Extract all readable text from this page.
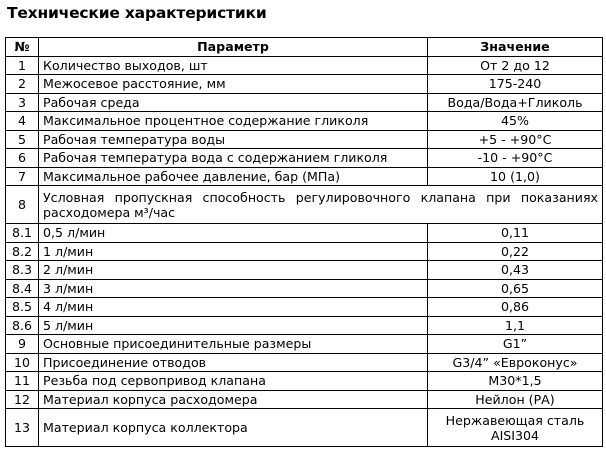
Технические характеристики
№	Параметр	Значение
1	Количество выходов, шт	От 2 до 12
2	Межосевое расстояние, мм	175-240
3	Рабочая среда	Вода/Вода+Гликоль
4	Максимальное процентное содержание гликоля	45%
5	Рабочая температура воды	+5 - +90°С
6	Рабочая температура вода с содержанием гликоля	-10 - +90°С
7	Максимальное рабочее давление, бар (МПа)	10 (1,0)
8	Условная пропускная способность регулировочного клапана при показаниях расходомера м³/час	
8.1	0,5 л/мин	0,11
8.2	1 л/мин	0,22
8.3	2 л/мин	0,43
8.4	3 л/мин	0,65
8.5	4 л/мин	0,86
8.6	5 л/мин	1,1
9	Основные присоединительные размеры	G1”
10	Присоединение отводов	G3/4” «Евроконус»
11	Резьба под сервопривод клапана	М30*1,5
12	Материал корпуса расходомера	Нейлон (РА)
13	Материал корпуса коллектора	Нержавеющая сталь AISI304
